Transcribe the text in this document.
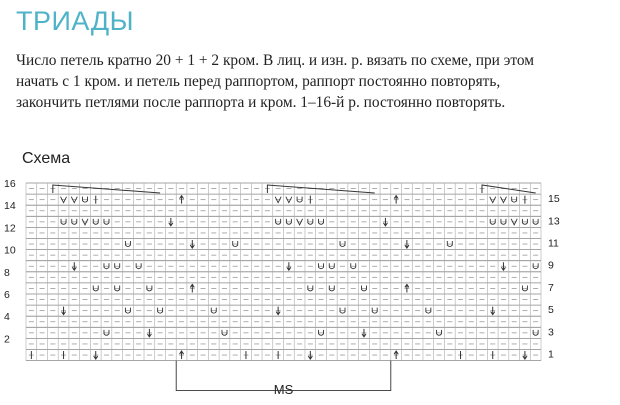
ТРИАДЫ
Число петель кратно 20 + 1 + 2 кром. В лиц. и изн. р. вязать по схеме, при этом
начать с 1 кром. и петель перед раппортом, раппорт постоянно повторять,
закончить петлями после раппорта и кром. 1–16-й р. постоянно повторять.
Схема
16
14
12
10
8
6
4
2
15
13
11
9
7
5
3
1
MS
